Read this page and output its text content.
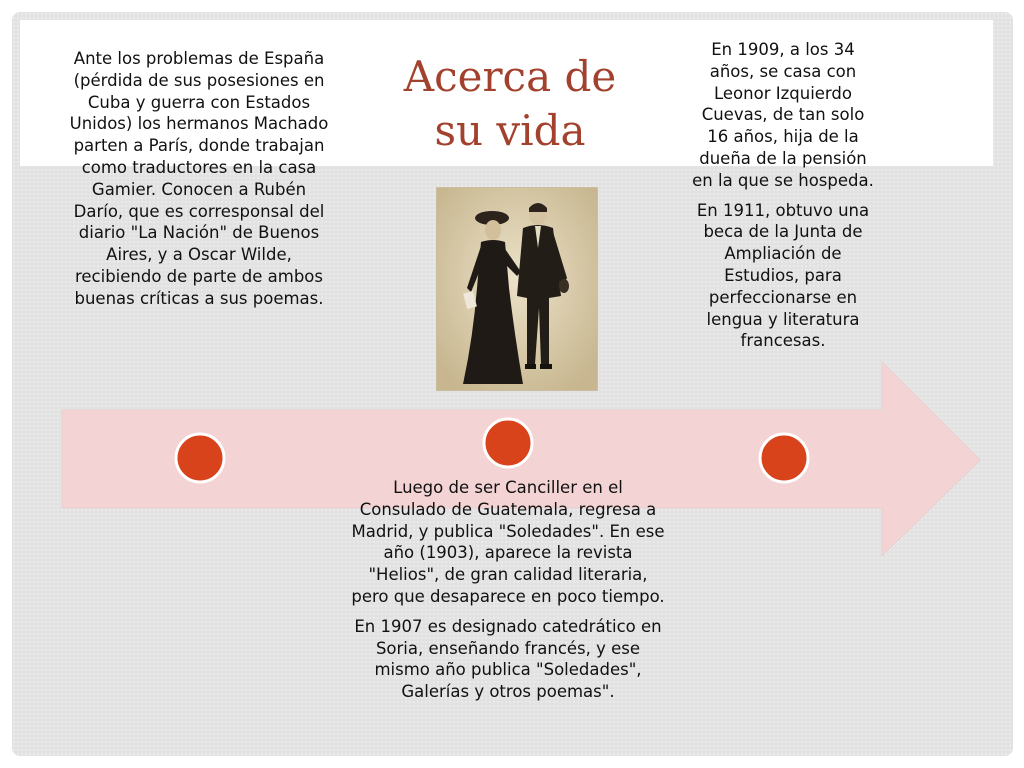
Acerca de
su vida

Ante los problemas de España (pérdida de sus posesiones en Cuba y guerra con Estados Unidos) los hermanos Machado parten a París, donde trabajan como traductores en la casa Gamier. Conocen a Rubén Darío, que es corresponsal del diario "La Nación" de Buenos Aires, y a Oscar Wilde, recibiendo de parte de ambos buenas críticas a sus poemas.

En 1909, a los 34 años, se casa con Leonor Izquierdo Cuevas, de tan solo 16 años, hija de la dueña de la pensión en la que se hospeda.

En 1911, obtuvo una beca de la Junta de Ampliación de Estudios, para perfeccionarse en lengua y literatura francesas.

Luego de ser Canciller en el Consulado de Guatemala, regresa a Madrid, y publica "Soledades". En ese año (1903), aparece la revista "Helios", de gran calidad literaria, pero que desaparece en poco tiempo.

En 1907 es designado catedrático en Soria, enseñando francés, y ese mismo año publica "Soledades", Galerías y otros poemas".
